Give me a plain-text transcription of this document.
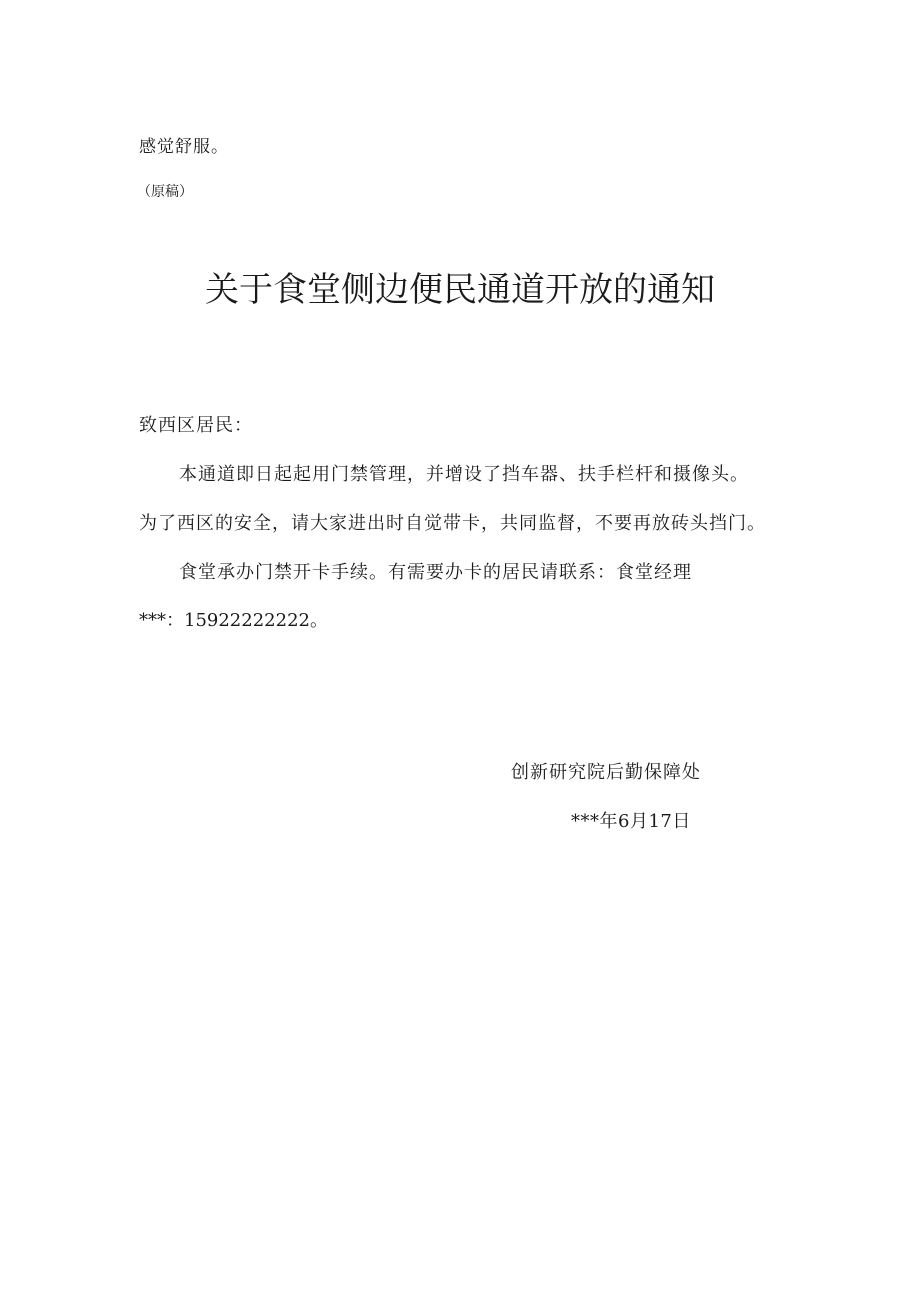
感觉舒服。
（原稿）
关于食堂侧边便民通道开放的通知
致西区居民：
本通道即日起起用门禁管理，并增设了挡车器、扶手栏杆和摄像头。
为了西区的安全，请大家进出时自觉带卡，共同监督，不要再放砖头挡门。
食堂承办门禁开卡手续。有需要办卡的居民请联系：食堂经理
***：15922222222。
创新研究院后勤保障处
***年6月17日
